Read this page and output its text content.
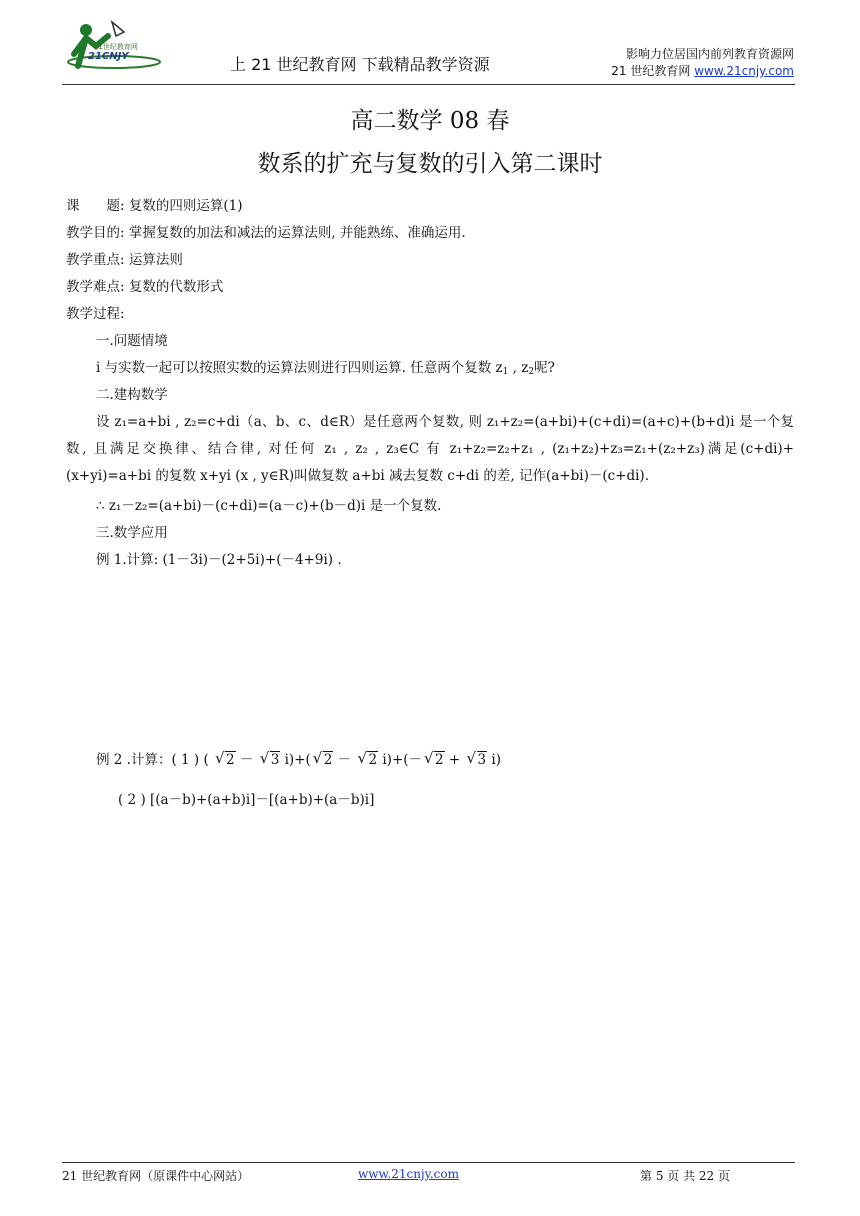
21世纪教育网
21CNJY	上 21 世纪教育网 下载精品教学资源
影响力位居国内前列教育资源网
21 世纪教育网 www.21cnjy.com
高二数学 08 春
数系的扩充与复数的引入第二课时
课　　题: 复数的四则运算(1)
教学目的: 掌握复数的加法和减法的运算法则, 并能熟练、准确运用.
教学重点: 运算法则
教学难点: 复数的代数形式
教学过程:
一.问题情境
i 与实数一起可以按照实数的运算法则进行四则运算. 任意两个复数 $z_1$ , $z_2$呢?
二.建构数学
设 z₁=a+bi , z₂=c+di（a、b、c、d∈R）是任意两个复数, 则 z₁+z₂=(a+bi)+(c+di)=(a+c)+(b+d)i 是一个复数, 且满足交换律、结合律, 对任何 z₁ , z₂ , z₃∈C 有 z₁+z₂=z₂+z₁ , (z₁+z₂)+z₃=z₁+(z₂+z₃)满足(c+di)+(x+yi)=a+bi 的复数 x+yi (x , y∈R)叫做复数 a+bi 减去复数 c+di 的差, 记作(a+bi)－(c+di).
∴ z₁－z₂=(a+bi)－(c+di)=(a－c)+(b－d)i 是一个复数.
三.数学应用
例 1.计算: (1－3i)－(2+5i)+(－4+9i) .
例 2 .计算：( 1 ) ( √ 2 － √ 3 i)+( √ 2 － √ 2 i)+(－ √ 2 + √ 3 i)
( 2 ) [(a－b)+(a+b)i]－[(a+b)+(a－b)i]
21 世纪教育网（原课件中心网站）	www.21cnjy.com	第 5 页 共 22 页
